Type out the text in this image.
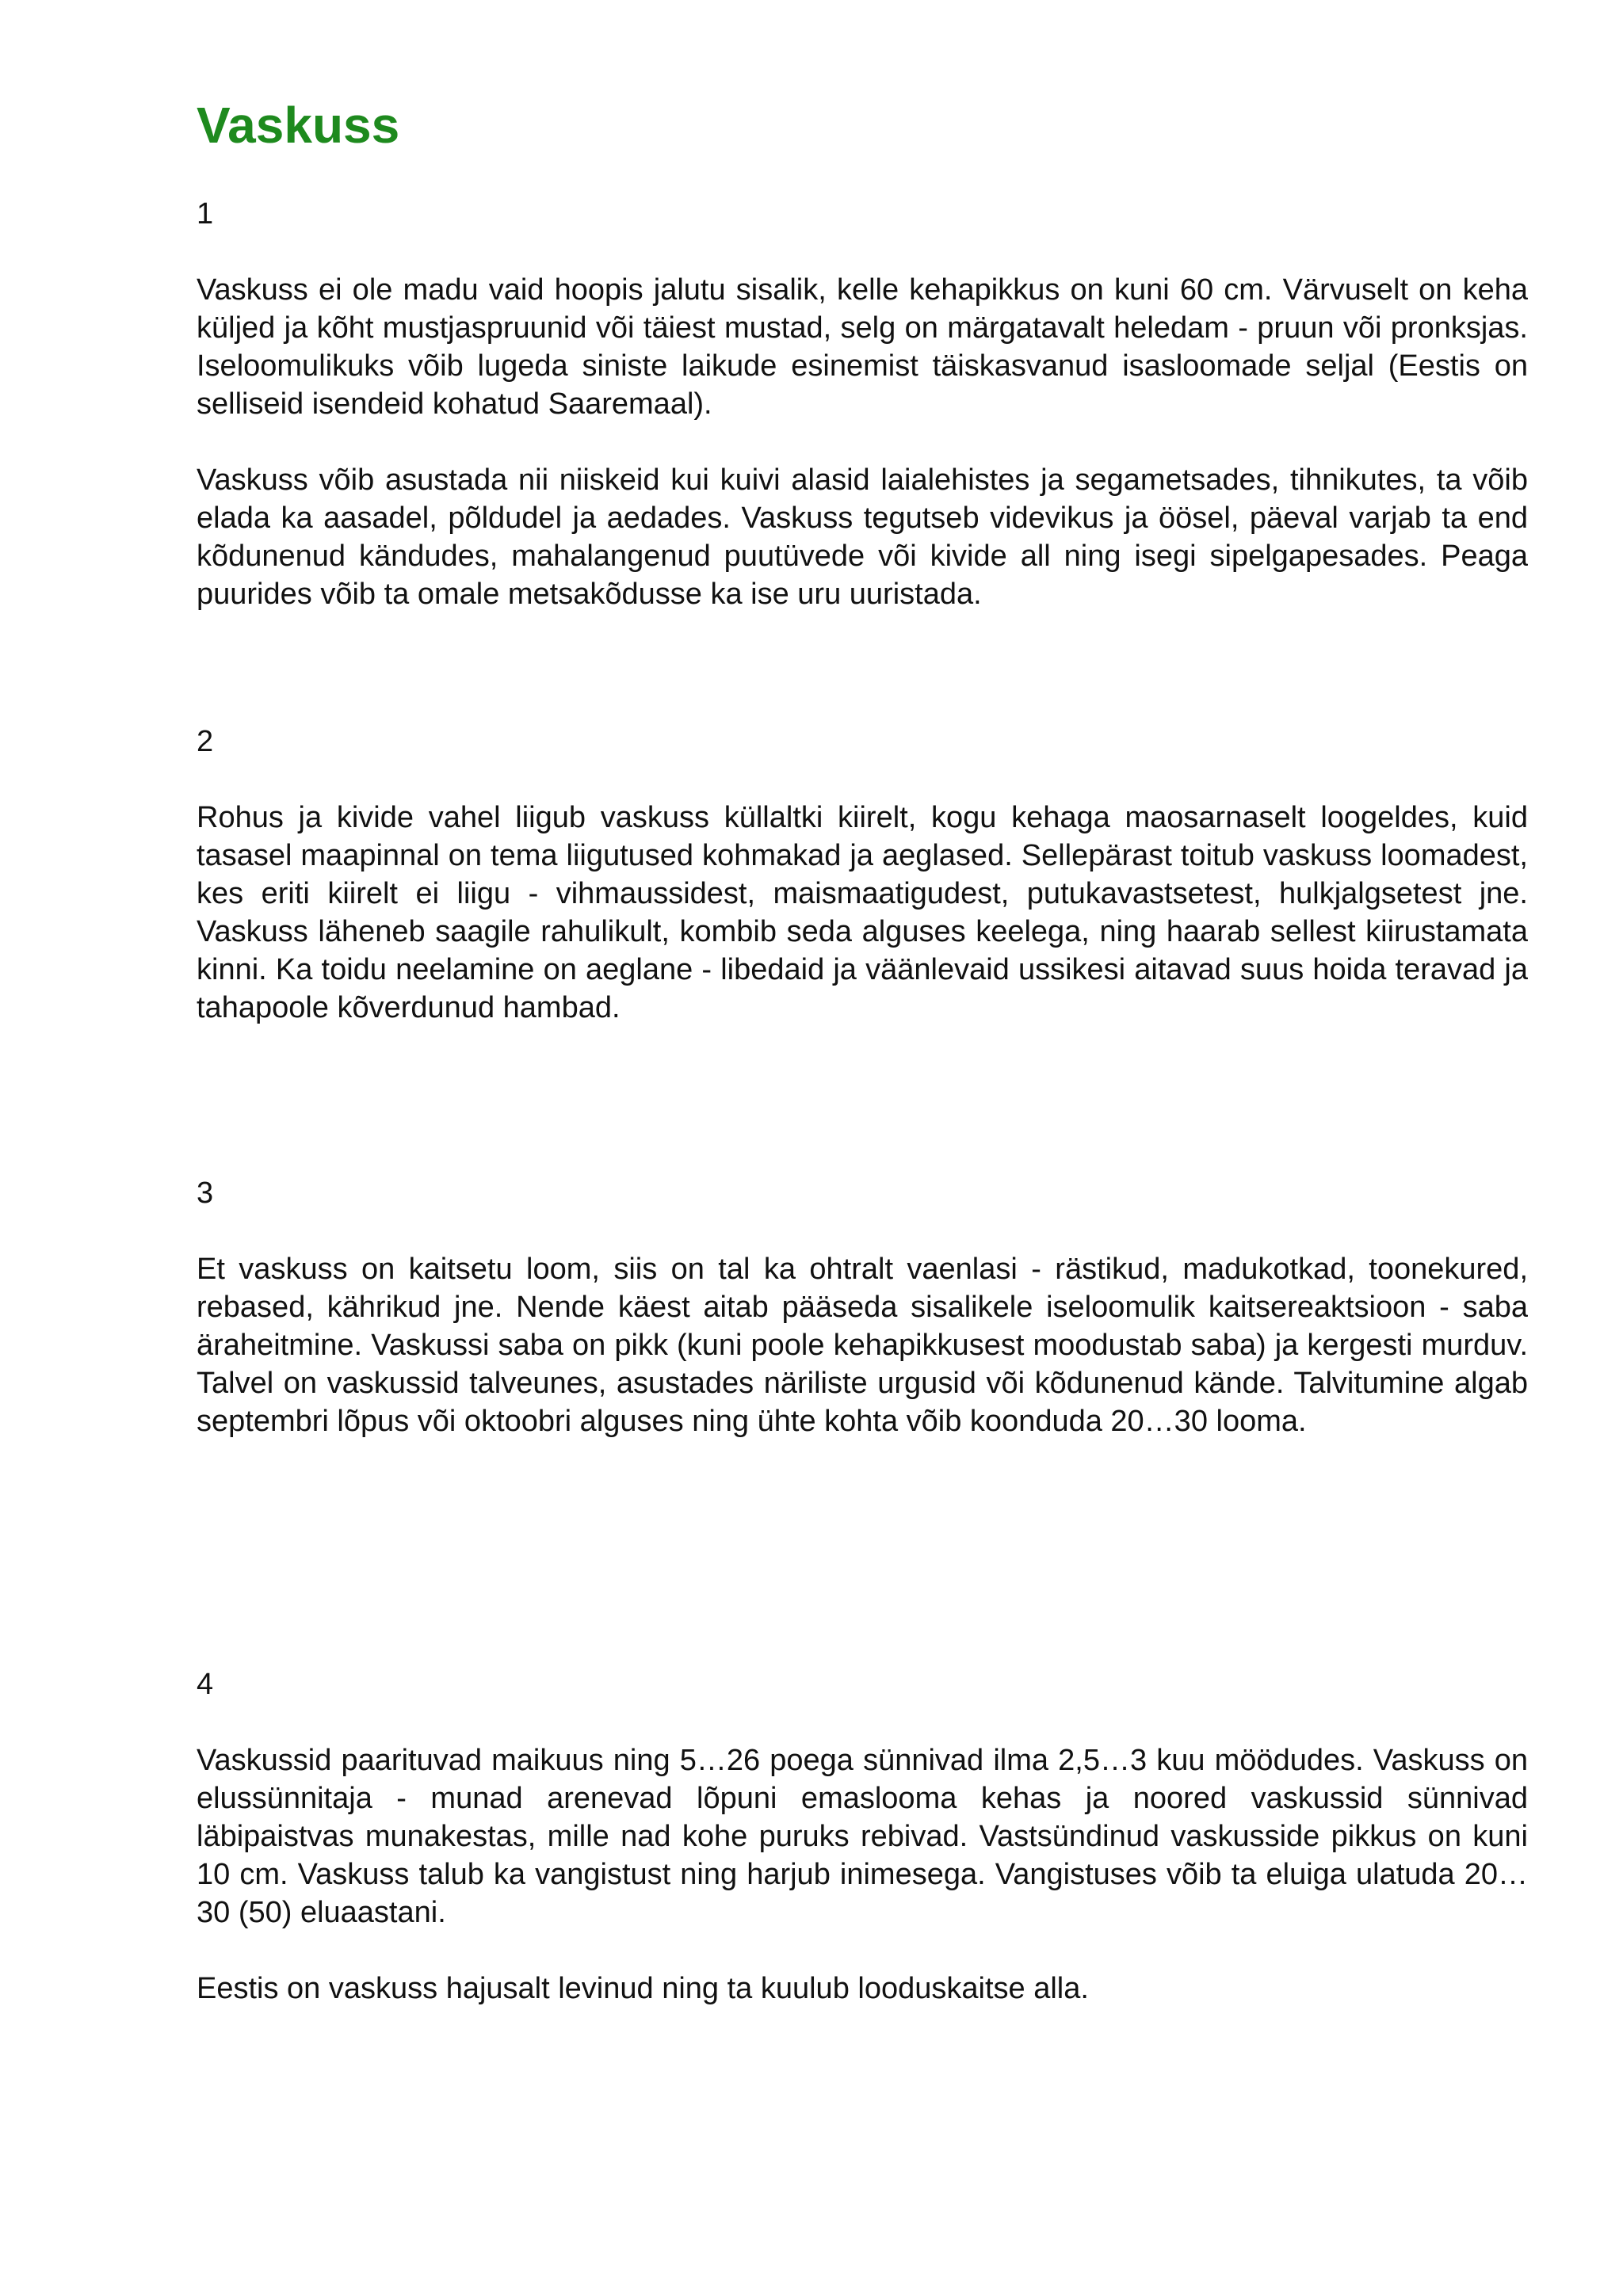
Vaskuss

1

Vaskuss ei ole madu vaid hoopis jalutu sisalik, kelle kehapikkus on kuni 60 cm. Värvuselt on keha küljed ja kõht mustjaspruunid või täiest mustad, selg on märgatavalt heledam - pruun või pronksjas. Iseloomulikuks võib lugeda siniste laikude esinemist täiskasvanud isasloomade seljal (Eestis on selliseid isendeid kohatud Saaremaal).

Vaskuss võib asustada nii niiskeid kui kuivi alasid laialehistes ja segametsades, tihnikutes, ta võib elada ka aasadel, põldudel ja aedades. Vaskuss tegutseb videvikus ja öösel, päeval varjab ta end kõdunenud kändudes, mahalangenud puutüvede või kivide all ning isegi sipelgapesades. Peaga puurides võib ta omale metsakõdusse ka ise uru uuristada.

2

Rohus ja kivide vahel liigub vaskuss küllaltki kiirelt, kogu kehaga maosarnaselt loogeldes, kuid tasasel maapinnal on tema liigutused kohmakad ja aeglased. Sellepärast toitub vaskuss loomadest, kes eriti kiirelt ei liigu - vihmaussidest, maismaatigudest, putukavastsetest, hulkjalgsetest jne. Vaskuss läheneb saagile rahulikult, kombib seda alguses keelega, ning haarab sellest kiirustamata kinni. Ka toidu neelamine on aeglane - libedaid ja väänlevaid ussikesi aitavad suus hoida teravad ja tahapoole kõverdunud hambad.

3

Et vaskuss on kaitsetu loom, siis on tal ka ohtralt vaenlasi - rästikud, madukotkad, toonekured, rebased, kährikud jne. Nende käest aitab pääseda sisalikele iseloomulik kaitsereaktsioon - saba äraheitmine. Vaskussi saba on pikk (kuni poole kehapikkusest moodustab saba) ja kergesti murduv. Talvel on vaskussid talveunes, asustades näriliste urgusid või kõdunenud kände. Talvitumine algab septembri lõpus või oktoobri alguses ning ühte kohta võib koonduda 20…30 looma.

4

Vaskussid paarituvad maikuus ning 5…26 poega sünnivad ilma 2,5…3 kuu möödudes. Vaskuss on elussünnitaja - munad arenevad lõpuni emaslooma kehas ja noored vaskussid sünnivad läbipaistvas munakestas, mille nad kohe puruks rebivad. Vastsündinud vaskusside pikkus on kuni 10 cm. Vaskuss talub ka vangistust ning harjub inimesega. Vangistuses võib ta eluiga ulatuda 20…30 (50) eluaastani.

Eestis on vaskuss hajusalt levinud ning ta kuulub looduskaitse alla.
